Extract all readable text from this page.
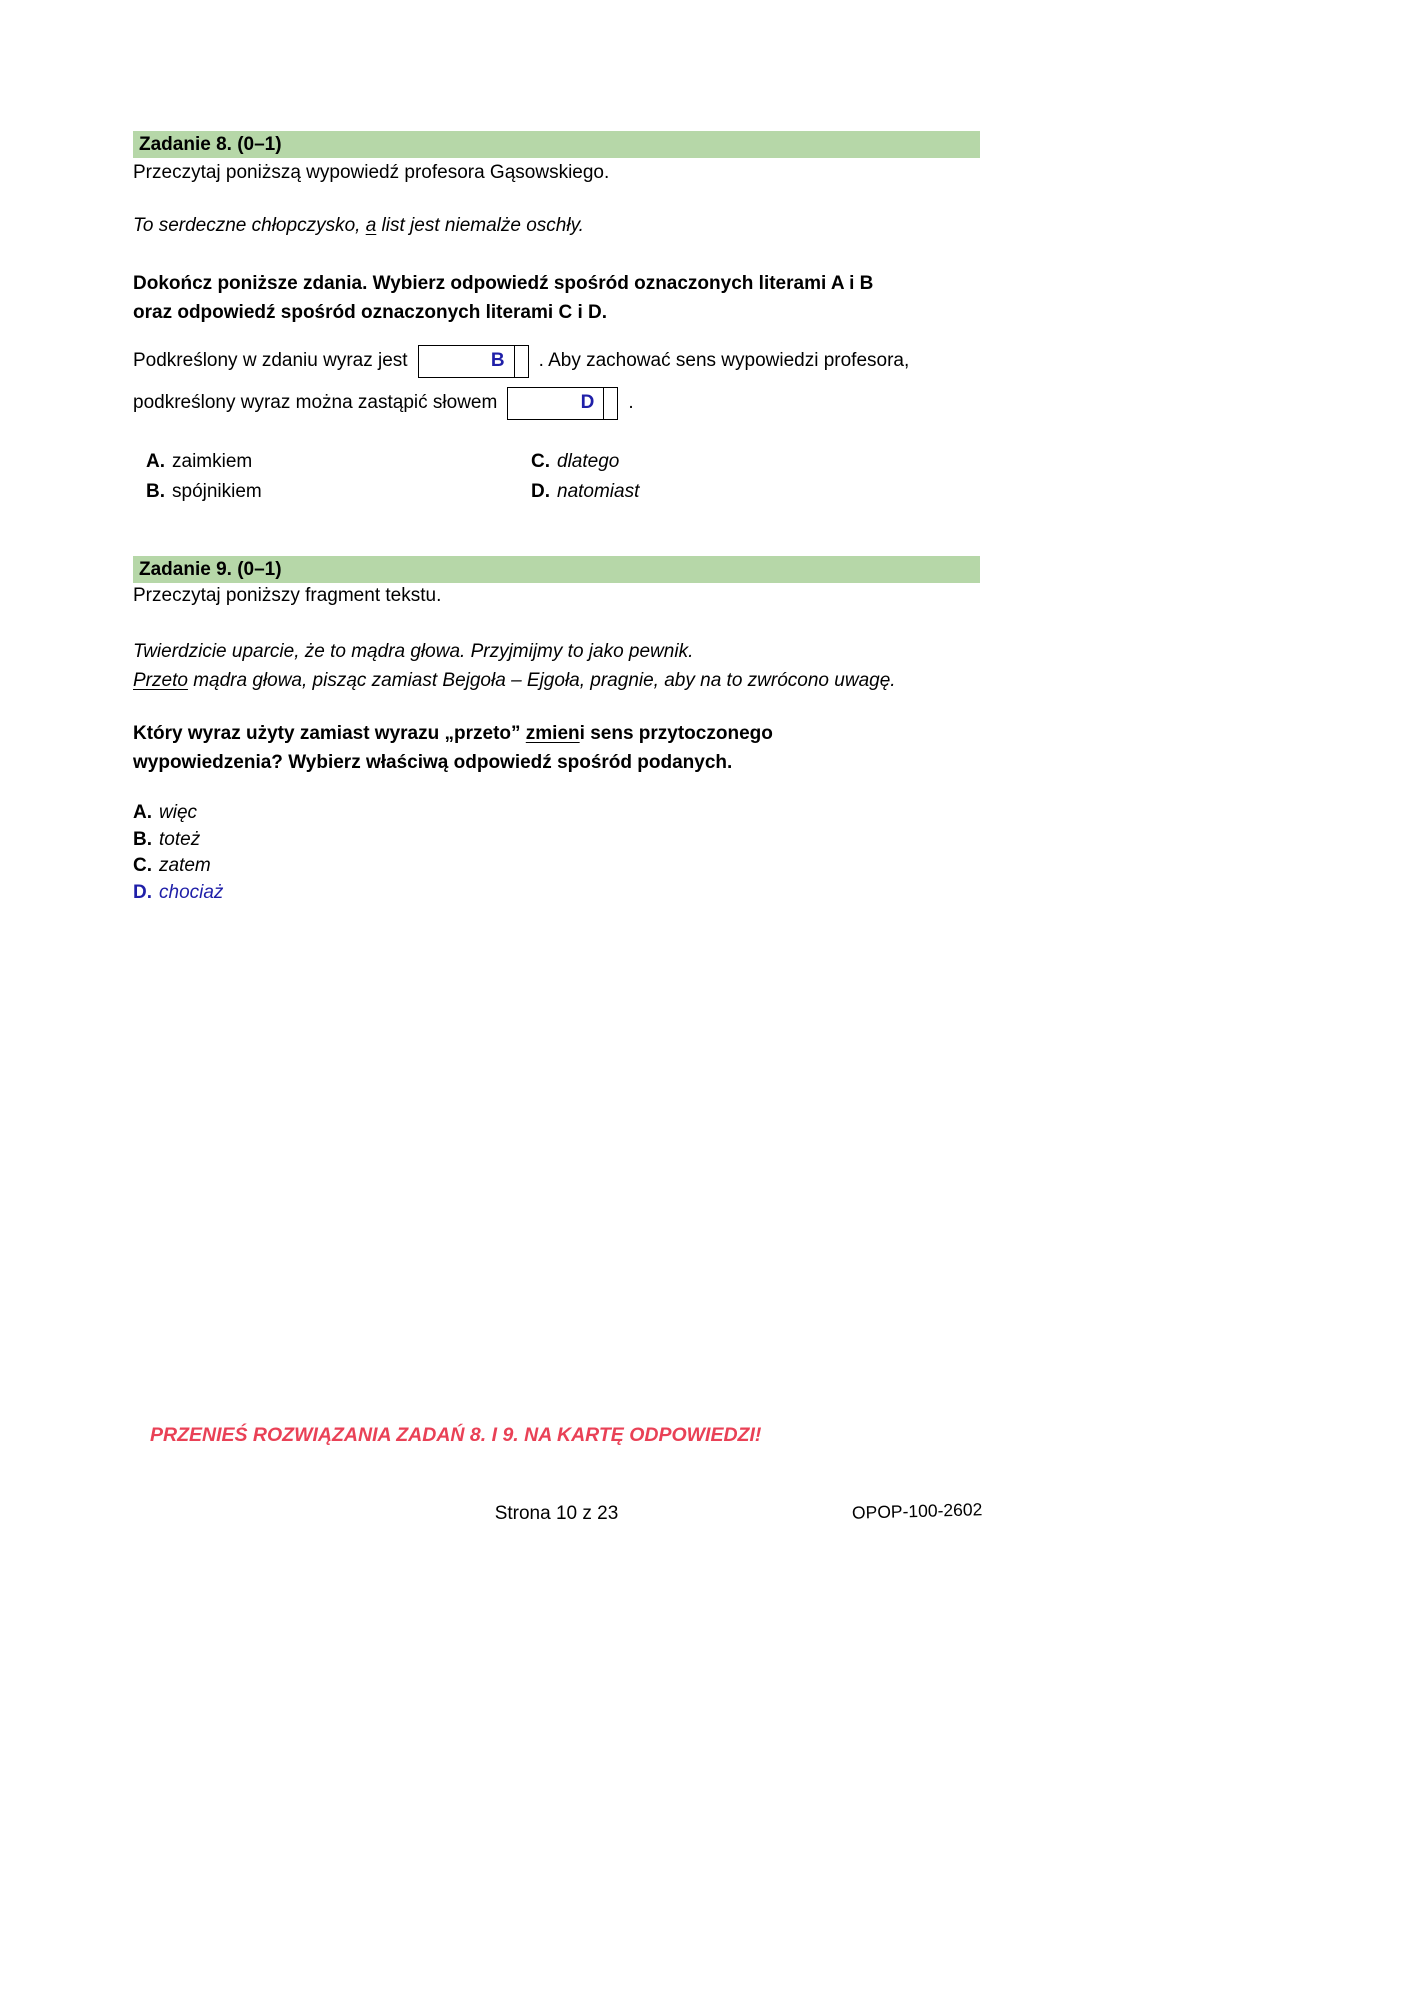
Zadanie 8. (0–1)
Przeczytaj poniższą wypowiedź profesora Gąsowskiego.
To serdeczne chłopczysko, a list jest niemalże oschły.
Dokończ poniższe zdania. Wybierz odpowiedź spośród oznaczonych literami A i B
oraz odpowiedź spośród oznaczonych literami C i D.
Podkreślony w zdaniu wyraz jest	B	. Aby zachować sens wypowiedzi profesora,
podkreślony wyraz można zastąpić słowem	D	.
A. zaimkiem	C. dlatego
B. spójnikiem	D. natomiast
Zadanie 9. (0–1)
Przeczytaj poniższy fragment tekstu.
Twierdzicie uparcie, że to mądra głowa. Przyjmijmy to jako pewnik.
Przeto mądra głowa, pisząc zamiast Bejgoła – Ejgoła, pragnie, aby na to zwrócono uwagę.
Który wyraz użyty zamiast wyrazu „przeto” zmieni sens przytoczonego
wypowiedzenia? Wybierz właściwą odpowiedź spośród podanych.
A. więc
B. toteż
C. zatem
D. chociaż
PRZENIEŚ ROZWIĄZANIA ZADAŃ 8. I 9. NA KARTĘ ODPOWIEDZI!
Strona 10 z 23	OPOP-100-2602
